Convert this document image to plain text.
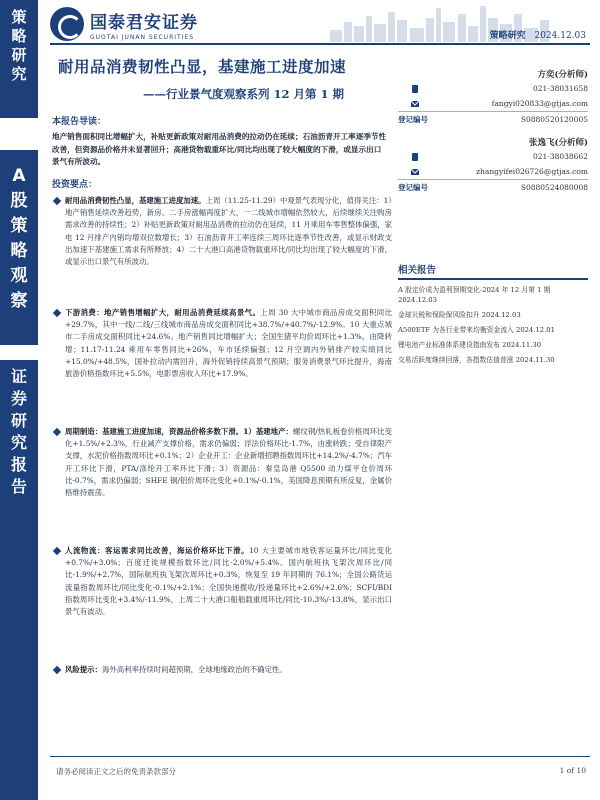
策
略
研
究
A
股
策
略
观
察
证
券
研
究
报
告
国泰君安证券
GUOTAI JUNAN SECURITIES	策略研究 2024.12.03
耐用品消费韧性凸显，基建施工进度加速
——行业景气度观察系列 12 月第 1 期
方奕(分析师)
021-38031658
fangyi020833@gtjas.com
登记编号	S0880520120005
张逸飞(分析师)
021-38038662
zhangyifei026726@gtjas.com
登记编号	S0880524080008
本报告导读：
地产销售面积同比增幅扩大，补贴更新政策对耐用品消费的拉动仍在延续；石油沥青开工率逐季节性改善，但资源品价格并未显著回升；高港货物载重环比/同比均出现了较大幅度的下滑，或显示出口景气有所波动。
投资要点：
耐用品消费韧性凸显，基建施工进度加速。上周（11.25-11.29）中观景气表现分化，值得关注：1）地产销售延续改善趋势，新房、二手房涨幅再度扩大，一二线城市增幅依然较大，后续继续关注购房需求改善的持续性；2）补贴更新政策对耐用品消费的拉动仍在延续，11 月乘用车零售整体偏强，家电 12 月排产内销均增双位数增长；3）石油沥青开工率连续三周环比逐季节性改善，或显示财政支出加速下基建施工需求有所释放；4）二十大港口高港货物载重环比/同比均出现了较大幅度的下滑，或显示出口景气有所波动。
下游消费：地产销售增幅扩大，耐用品消费延续高景气。上周 30 大中城市商品房成交面积同比+29.7%，其中一线/二线/三线城市商品房成交面积同比+38.7%/+40.7%/-12.9%。10 大重点城市二手房成交面积同比+24.6%。地产销售同比增幅扩大；全国生猪平均价周环比+1.3%，由降转增；11.17-11.24 乘用车零售同比+26%，车市延续偏强；12 月空调内外销排产较实绩同比+15.0%/+48.5%，国补拉动内需回升，海外促销持续高景气预期；服务消费景气环比提升，海南旅游价格指数环比+5.5%，电影票房收入环比+17.9%。
周期制造：基建施工进度加速，资源品价格多数下滑。1）基建地产：螺纹钢/热轧板卷价格周环比变化+1.5%/+2.3%，行业减产支撑价格，需求仍偏弱；浮法价格环比-1.7%，由涨转跌；受自律限产支撑，水泥价格指数周环比+0.1%；2）企业开工：企业新增招聘指数周环比+14.2%/-4.7%；汽车开工环比下滑，PTA/涤纶开工率环比下滑；3）资源品：秦皇岛港 Q5500 动力煤平仓价周环比-0.7%，需求仍偏弱；SHFE 铜/铝价周环比变化+0.1%/-0.1%，美国降息预期有所反复，金属价格维持震荡。
人流物流：客运需求同比改善，海运价格环比下滑。10 大主要城市地铁客运量环比/同比变化+0.7%/+3.0%；百度迁徙规模指数环比/同比-2.0%/+5.4%。国内航班执飞架次周环比/同比-1.9%/+2.7%，国际航班执飞架次周环比+0.3%，恢复至 19 年同期的 76.1%；全国公路货运流量指数周环比/同比变化-0.1%/+2.1%；全国快递揽收/投递量环比+2.6%/+2.6%；SCFI/BDI 指数周环比变化+3.4%/-11.9%，上周二十大港口船舶载重周环比/同比-10.3%/-13.8%，显示出口景气有波动。
风险提示：海外高利率持续时间超预期，全球地缘政治的不确定性。
相关报告
A 股定价成为盈利预期变化-2024 年 12 月第 1 期 2024.12.03
金球贝税和保险保风险扣升 2024.12.03
A500ETF 为各行业带来均衡资金流入 2024.12.01
锂电池产业标准体系建设指南发布 2024.11.30
交易活跃度继续回落，各指数估值普涨 2024.11.30
请务必阅读正文之后的免责条款部分	1 of 10
